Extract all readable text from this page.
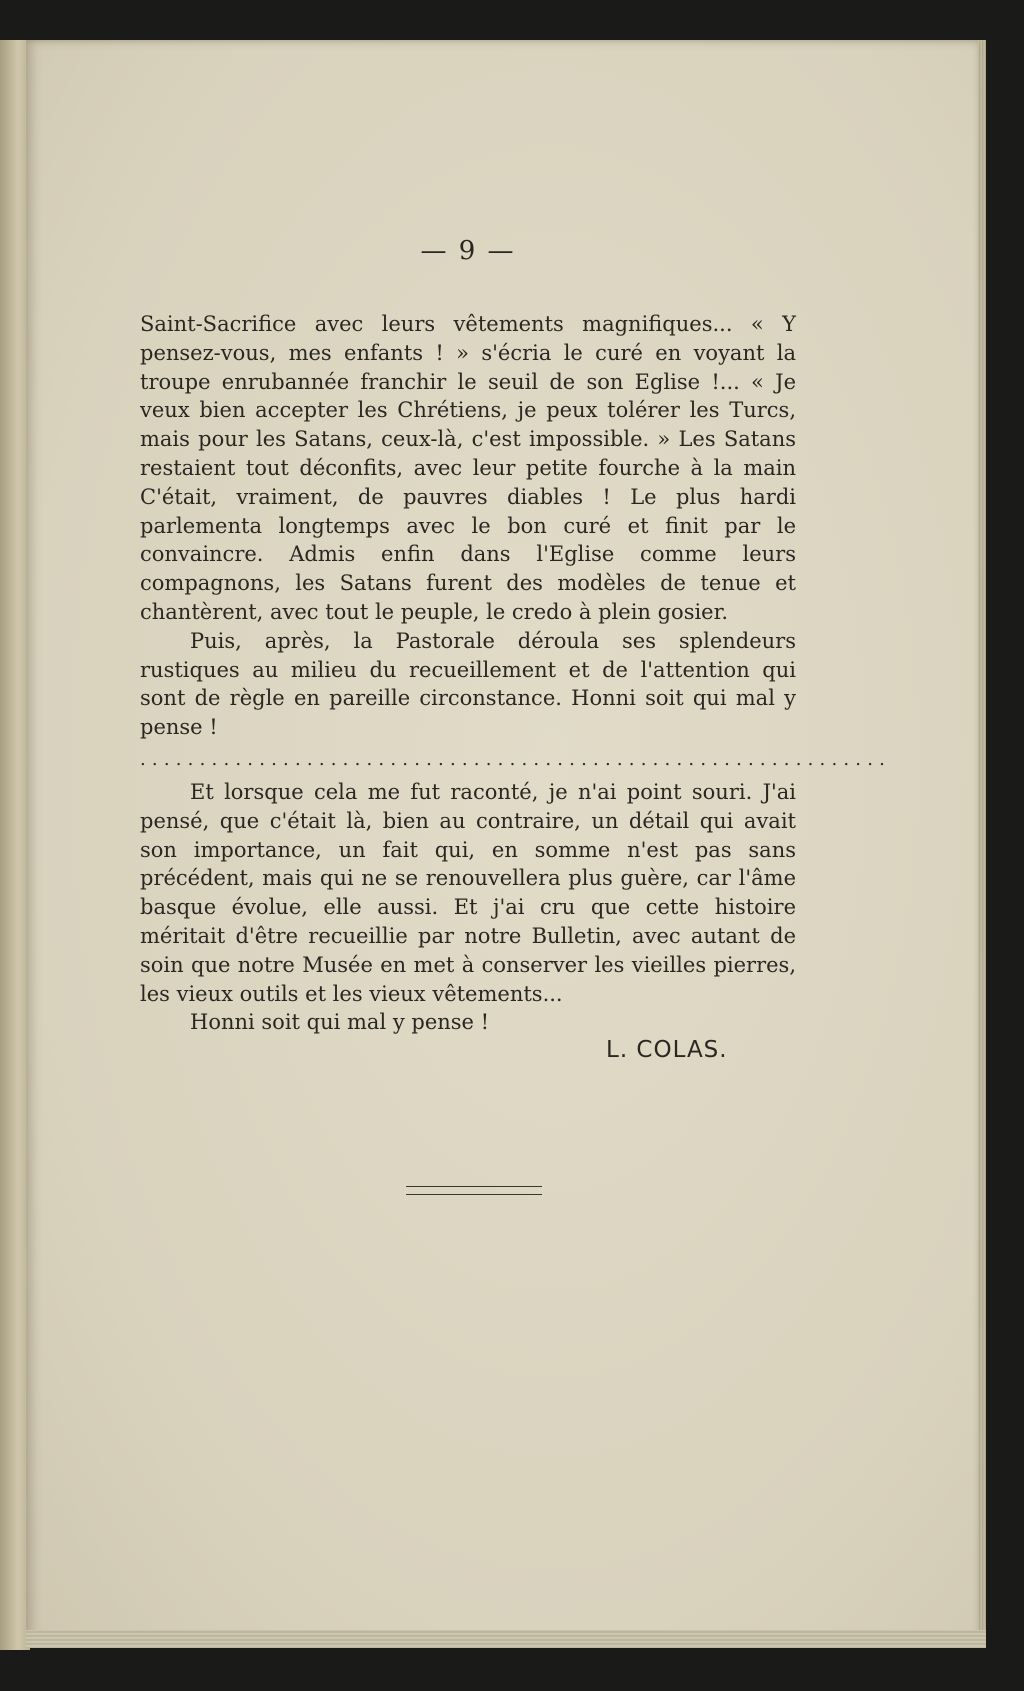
— 9 —

Saint-Sacrifice avec leurs vêtements magnifiques... « Y pensez-vous, mes enfants ! » s'écria le curé en voyant la troupe enrubannée franchir le seuil de son Eglise !... « Je veux bien accepter les Chrétiens, je peux tolérer les Turcs, mais pour les Satans, ceux-là, c'est impossible. » Les Satans restaient tout déconfits, avec leur petite fourche à la main C'était, vraiment, de pauvres diables ! Le plus hardi parlementa longtemps avec le bon curé et finit par le convaincre. Admis enfin dans l'Eglise comme leurs compagnons, les Satans furent des modèles de tenue et chantèrent, avec tout le peuple, le credo à plein gosier.

Puis, après, la Pastorale déroula ses splendeurs rustiques au milieu du recueillement et de l'attention qui sont de règle en pareille circonstance. Honni soit qui mal y pense !

...............................................................

Et lorsque cela me fut raconté, je n'ai point souri. J'ai pensé, que c'était là, bien au contraire, un détail qui avait son importance, un fait qui, en somme n'est pas sans précédent, mais qui ne se renouvellera plus guère, car l'âme basque évolue, elle aussi. Et j'ai cru que cette histoire méritait d'être recueillie par notre Bulletin, avec autant de soin que notre Musée en met à conserver les vieilles pierres, les vieux outils et les vieux vêtements...

Honni soit qui mal y pense !

L. COLAS.
